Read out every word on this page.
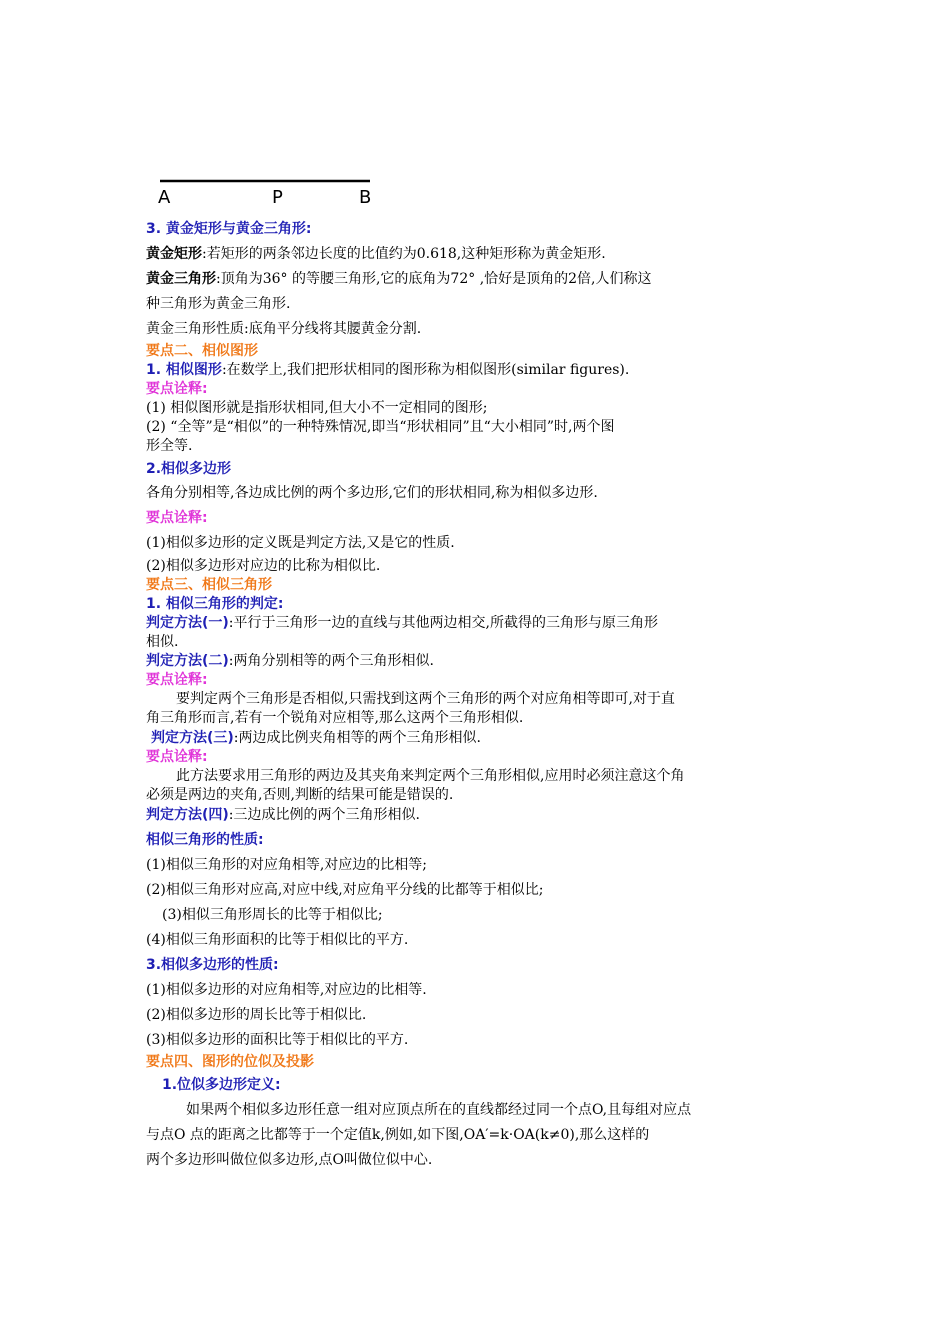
A	P	B
3. 黄金矩形与黄金三角形:
黄金矩形:若矩形的两条邻边长度的比值约为0.618,这种矩形称为黄金矩形.
黄金三角形:顶角为36° 的等腰三角形,它的底角为72° ,恰好是顶角的2倍,人们称这
种三角形为黄金三角形.
黄金三角形性质:底角平分线将其腰黄金分割.
要点二、相似图形
1. 相似图形:在数学上,我们把形状相同的图形称为相似图形(similar figures).
要点诠释:
(1) 相似图形就是指形状相同,但大小不一定相同的图形;
(2) “全等”是“相似”的一种特殊情况,即当“形状相同”且“大小相同”时,两个图
形全等.
2.相似多边形
各角分别相等,各边成比例的两个多边形,它们的形状相同,称为相似多边形.
要点诠释:
(1)相似多边形的定义既是判定方法,又是它的性质.
(2)相似多边形对应边的比称为相似比.
要点三、相似三角形
1. 相似三角形的判定:
判定方法(一):平行于三角形一边的直线与其他两边相交,所截得的三角形与原三角形
相似.
判定方法(二):两角分别相等的两个三角形相似.
要点诠释:
要判定两个三角形是否相似,只需找到这两个三角形的两个对应角相等即可,对于直
角三角形而言,若有一个锐角对应相等,那么这两个三角形相似.
判定方法(三):两边成比例夹角相等的两个三角形相似.
要点诠释:
此方法要求用三角形的两边及其夹角来判定两个三角形相似,应用时必须注意这个角
必须是两边的夹角,否则,判断的结果可能是错误的.
判定方法(四):三边成比例的两个三角形相似.
相似三角形的性质:
(1)相似三角形的对应角相等,对应边的比相等;
(2)相似三角形对应高,对应中线,对应角平分线的比都等于相似比;
(3)相似三角形周长的比等于相似比;
(4)相似三角形面积的比等于相似比的平方.
3.相似多边形的性质:
(1)相似多边形的对应角相等,对应边的比相等.
(2)相似多边形的周长比等于相似比.
(3)相似多边形的面积比等于相似比的平方.
要点四、图形的位似及投影
1.位似多边形定义:
如果两个相似多边形任意一组对应顶点所在的直线都经过同一个点O,且每组对应点
与点O 点的距离之比都等于一个定值k,例如,如下图,OA′=k·OA(k≠0),那么这样的
两个多边形叫做位似多边形,点O叫做位似中心.
